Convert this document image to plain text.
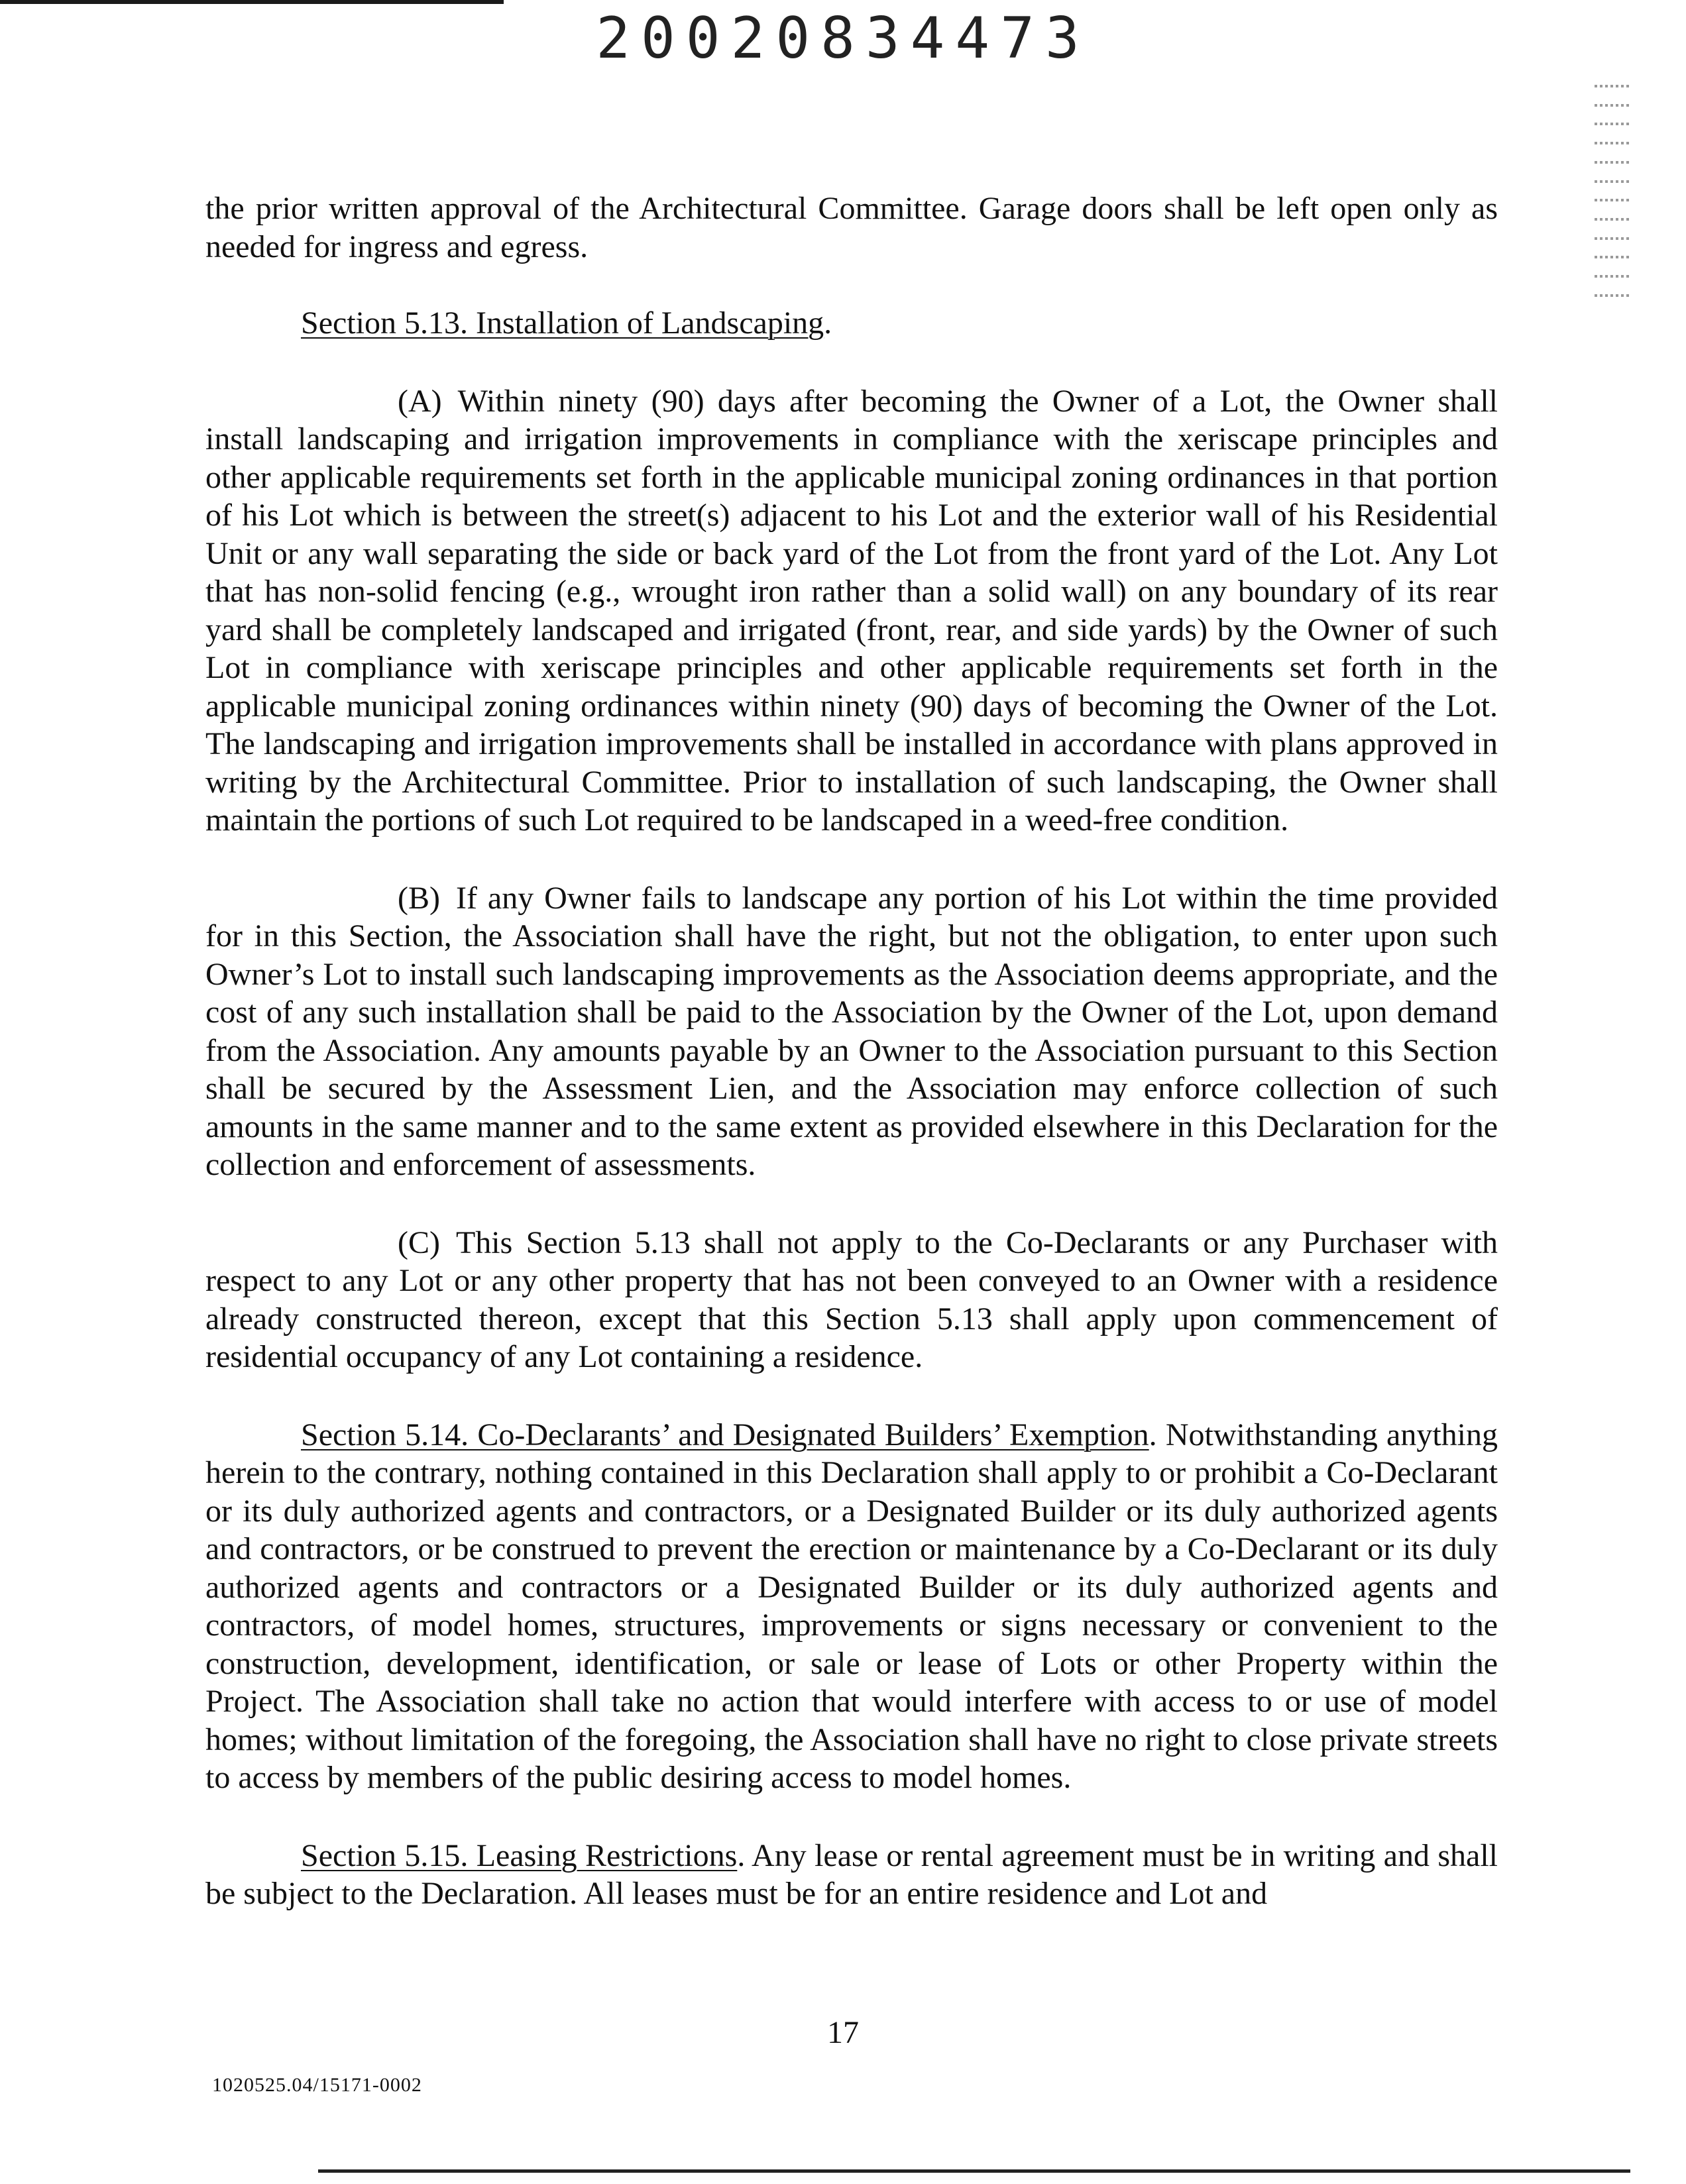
20020834473

the prior written approval of the Architectural Committee. Garage doors shall be left open only as needed for ingress and egress.

Section 5.13. Installation of Landscaping.

(A) Within ninety (90) days after becoming the Owner of a Lot, the Owner shall install landscaping and irrigation improvements in compliance with the xeriscape principles and other applicable requirements set forth in the applicable municipal zoning ordinances in that portion of his Lot which is between the street(s) adjacent to his Lot and the exterior wall of his Residential Unit or any wall separating the side or back yard of the Lot from the front yard of the Lot. Any Lot that has non-solid fencing (e.g., wrought iron rather than a solid wall) on any boundary of its rear yard shall be completely landscaped and irrigated (front, rear, and side yards) by the Owner of such Lot in compliance with xeriscape principles and other applicable requirements set forth in the applicable municipal zoning ordinances within ninety (90) days of becoming the Owner of the Lot. The landscaping and irrigation improvements shall be installed in accordance with plans approved in writing by the Architectural Committee. Prior to installation of such landscaping, the Owner shall maintain the portions of such Lot required to be landscaped in a weed-free condition.

(B) If any Owner fails to landscape any portion of his Lot within the time provided for in this Section, the Association shall have the right, but not the obligation, to enter upon such Owner’s Lot to install such landscaping improvements as the Association deems appropriate, and the cost of any such installation shall be paid to the Association by the Owner of the Lot, upon demand from the Association. Any amounts payable by an Owner to the Association pursuant to this Section shall be secured by the Assessment Lien, and the Association may enforce collection of such amounts in the same manner and to the same extent as provided elsewhere in this Declaration for the collection and enforcement of assessments.

(C) This Section 5.13 shall not apply to the Co-Declarants or any Purchaser with respect to any Lot or any other property that has not been conveyed to an Owner with a residence already constructed thereon, except that this Section 5.13 shall apply upon commencement of residential occupancy of any Lot containing a residence.

Section 5.14. Co-Declarants’ and Designated Builders’ Exemption. Notwithstanding anything herein to the contrary, nothing contained in this Declaration shall apply to or prohibit a Co-Declarant or its duly authorized agents and contractors, or a Designated Builder or its duly authorized agents and contractors, or be construed to prevent the erection or maintenance by a Co-Declarant or its duly authorized agents and contractors or a Designated Builder or its duly authorized agents and contractors, of model homes, structures, improvements or signs necessary or convenient to the construction, development, identification, or sale or lease of Lots or other Property within the Project. The Association shall take no action that would interfere with access to or use of model homes; without limitation of the foregoing, the Association shall have no right to close private streets to access by members of the public desiring access to model homes.

Section 5.15. Leasing Restrictions. Any lease or rental agreement must be in writing and shall be subject to the Declaration. All leases must be for an entire residence and Lot and

17
1020525.04/15171-0002
